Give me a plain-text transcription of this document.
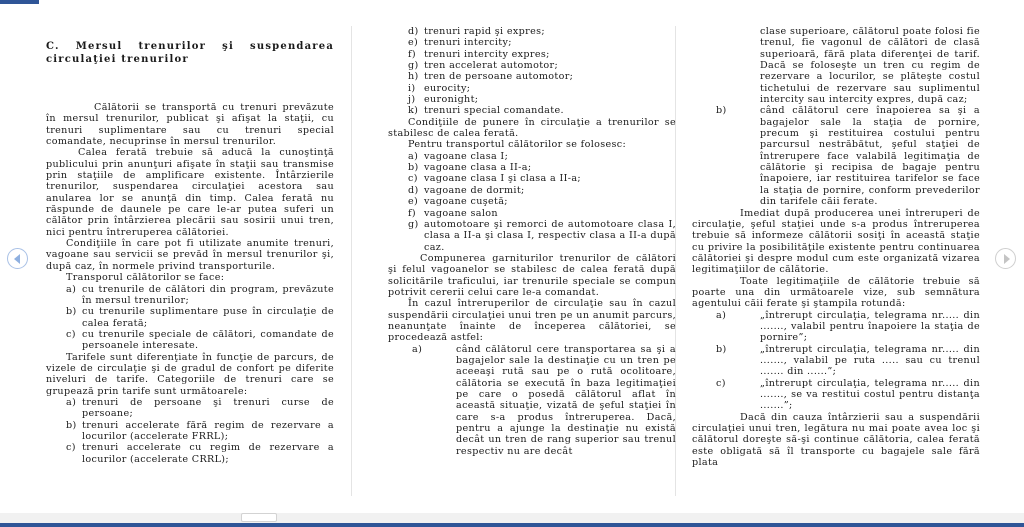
C. Mersul trenurilor şi suspendarea circulaţiei trenurilor

Călătorii se transportă cu trenuri prevăzute în mersul trenurilor, publicat şi afişat la staţii, cu trenuri suplimentare sau cu trenuri special comandate, necuprinse în mersul trenurilor.

Calea ferată trebuie să aducă la cunoştinţă publicului prin anunţuri afişate în staţii sau transmise prin staţiile de amplificare existente. Întârzierile trenurilor, suspendarea circulaţiei acestora sau anularea lor se anunţă din timp. Calea ferată nu răspunde de daunele pe care le-ar putea suferi un călător prin întârzierea plecării sau sosirii unui tren, nici pentru întreruperea călătoriei.

Condiţiile în care pot fi utilizate anumite trenuri, vagoane sau servicii se prevăd în mersul trenurilor şi, după caz, în normele privind transporturile.

Transporul călătorilor se face:

a) cu trenurile de călători din program, prevăzute în mersul trenurilor;
b) cu trenurile suplimentare puse în circulaţie de calea ferată;
c) cu trenurile speciale de călători, comandate de persoanele interesate.

Tarifele sunt diferenţiate în funcţie de parcurs, de vizele de circulaţie şi de gradul de confort pe diferite niveluri de tarife. Categoriile de trenuri care se grupează prin tarife sunt următoarele:

a) trenuri de persoane şi trenuri curse de persoane;
b) trenuri accelerate fără regim de rezervare a locurilor (accelerate FRRL);
c) trenuri accelerate cu regim de rezervare a locurilor (accelerate CRRL);
d) trenuri rapid şi expres;
e) trenuri intercity;
f) trenuri intercity expres;
g) tren accelerat automotor;
h) tren de persoane automotor;
i) eurocity;
j) euronight;
k) trenuri special comandate.

Condiţiile de punere în circulaţie a trenurilor se stabilesc de calea ferată.

Pentru transportul călătorilor se folosesc:

a) vagoane clasa I;
b) vagoane clasa a II-a;
c) vagoane clasa I şi clasa a II-a;
d) vagoane de dormit;
e) vagoane cuşetă;
f) vagoane salon
g) automotoare şi remorci de automotoare clasa I, clasa a II-a şi clasa I, respectiv clasa a II-a după caz.

Compunerea garniturilor trenurilor de călători şi felul vagoanelor se stabilesc de calea ferată după solicitările traficului, iar trenurile speciale se compun potrivit cererii celui care le-a comandat.

În cazul întreruperilor de circulaţie sau în cazul suspendării circulaţiei unui tren pe un anumit parcurs, neanunţate înainte de începerea călătoriei, se procedează astfel:

a)	când călătorul cere transportarea sa şi a bagajelor sale la destinaţie cu un tren pe aceeaşi rută sau pe o rută ocolitoare, călătoria se execută în baza legitimaţiei pe care o posedă călătorul aflat în această situaţie, vizată de şeful staţiei în care s-a produs întreruperea. Dacă, pentru a ajunge la destinaţie nu există decât un tren de rang superior sau trenul respectiv nu are decât

clase superioare, călătorul poate folosi fie trenul, fie vagonul de călători de clasă superioară, fără plata diferenţei de tarif. Dacă se foloseşte un tren cu regim de rezervare a locurilor, se plăteşte costul tichetului de rezervare sau suplimentul intercity sau intercity expres, după caz;

b)	când călătorul cere înapoierea sa şi a bagajelor sale la staţia de pornire, precum şi restituirea costului pentru parcursul nestrăbătut, şeful staţiei de întrerupere face valabilă legitimaţia de călătorie şi recipisa de bagaje pentru înapoiere, iar restituirea tarifelor se face la staţia de pornire, conform prevederilor din tarifele căii ferate.

Imediat după producerea unei întreruperi de circulaţie, şeful staţiei unde s-a produs întreruperea trebuie să informeze călătorii sosiţi în această staţie cu privire la posibilităţile existente pentru continuarea călătoriei şi despre modul cum este organizată vizarea legitimaţiilor de călătorie.

Toate legitimaţiile de călătorie trebuie să poarte una din următoarele vize, sub semnătura agentului căii ferate şi ştampila rotundă:

a)	„întrerupt circulaţia, telegrama nr..... din ......., valabil pentru înapoiere la staţia de pornire”;
b)	„întrerupt circulaţia, telegrama nr..... din ......., valabil pe ruta ..... sau cu trenul ....... din ......”;
c)	„întrerupt circulaţia, telegrama nr..... din ......., se va restitui costul pentru distanţa .......”;

Dacă din cauza întârzierii sau a suspendării circulaţiei unui tren, legătura nu mai poate avea loc şi călătorul doreşte să-şi continue călătoria, calea ferată este obligată să îl transporte cu bagajele sale fără plata
